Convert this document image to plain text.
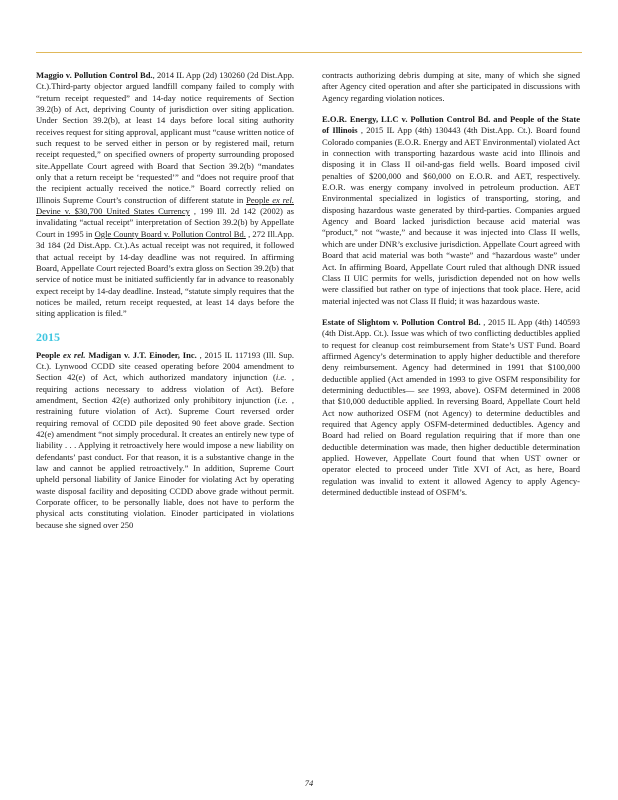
Maggio v. Pollution Control Bd., 2014 IL App (2d) 130260 (2d Dist.App. Ct.).Third-party objector argued landfill company failed to comply with “return receipt requested” and 14-day notice requirements of Section 39.2(b) of Act, depriving County of jurisdiction over siting application. Under Section 39.2(b), at least 14 days before local siting authority receives request for siting approval, applicant must “cause written notice of such request to be served either in person or by registered mail, return receipt requested,” on specified owners of property surrounding proposed site.Appellate Court agreed with Board that Section 39.2(b) “mandates only that a return receipt be ‘requested’” and “does not require proof that the recipient actually received the notice.” Board correctly relied on Illinois Supreme Court’s construction of different statute in People ex rel. Devine v. $30,700 United States Currency , 199 Ill. 2d 142 (2002) as invalidating “actual receipt” interpretation of Section 39.2(b) by Appellate Court in 1995 in Ogle County Board v. Pollution Control Bd. , 272 Ill.App. 3d 184 (2d Dist.App. Ct.).As actual receipt was not required, it followed that actual receipt by 14-day deadline was not required. In affirming Board, Appellate Court rejected Board’s extra gloss on Section 39.2(b) that service of notice must be initiated sufficiently far in advance to reasonably expect receipt by 14-day deadline. Instead, “statute simply requires that the notices be mailed, return receipt requested, at least 14 days before the siting application is filed.”

2015

People ex rel. Madigan v. J.T. Einoder, Inc. , 2015 IL 117193 (Ill. Sup. Ct.). Lynwood CCDD site ceased operating before 2004 amendment to Section 42(e) of Act, which authorized mandatory injunction (i.e. , requiring actions necessary to address violation of Act). Before amendment, Section 42(e) authorized only prohibitory injunction (i.e. , restraining future violation of Act). Supreme Court reversed order requiring removal of CCDD pile deposited 90 feet above grade. Section 42(e) amendment “not simply procedural. It creates an entirely new type of liability . . . Applying it retroactively here would impose a new liability on defendants’ past conduct. For that reason, it is a substantive change in the law and cannot be applied retroactively.” In addition, Supreme Court upheld personal liability of Janice Einoder for violating Act by operating waste disposal facility and depositing CCDD above grade without permit. Corporate officer, to be personally liable, does not have to perform the physical acts constituting violation. Einoder participated in violations because she signed over 250

contracts authorizing debris dumping at site, many of which she signed after Agency cited operation and after she participated in discussions with Agency regarding violation notices.

E.O.R. Energy, LLC v. Pollution Control Bd. and People of the State of Illinois , 2015 IL App (4th) 130443 (4th Dist.App. Ct.). Board found Colorado companies (E.O.R. Energy and AET Environmental) violated Act in connection with transporting hazardous waste acid into Illinois and disposing it in Class II oil-and-gas field wells. Board imposed civil penalties of $200,000 and $60,000 on E.O.R. and AET, respectively. E.O.R. was energy company involved in petroleum production. AET Environmental specialized in logistics of transporting, storing, and disposing hazardous waste generated by third-parties. Companies argued Agency and Board lacked jurisdiction because acid material was “product,” not “waste,” and because it was injected into Class II wells, which are under DNR’s exclusive jurisdiction. Appellate Court agreed with Board that acid material was both “waste” and “hazardous waste” under Act. In affirming Board, Appellate Court ruled that although DNR issued Class II UIC permits for wells, jurisdiction depended not on how wells were classified but rather on type of injections that took place. Here, acid material injected was not Class II fluid; it was hazardous waste.

Estate of Slightom v. Pollution Control Bd. , 2015 IL App (4th) 140593 (4th Dist.App. Ct.). Issue was which of two conflicting deductibles applied to request for cleanup cost reimbursement from State’s UST Fund. Board affirmed Agency’s determination to apply higher deductible and therefore deny reimbursement. Agency had determined in 1991 that $100,000 deductible applied (Act amended in 1993 to give OSFM responsibility for determining deductibles— see 1993, above). OSFM determined in 2008 that $10,000 deductible applied. In reversing Board, Appellate Court held Act now authorized OSFM (not Agency) to determine deductibles and required that Agency apply OSFM-determined deductibles. Agency and Board had relied on Board regulation requiring that if more than one deductible determination was made, then higher deductible determination applied. However, Appellate Court found that when UST owner or operator elected to proceed under Title XVI of Act, as here, Board regulation was invalid to extent it allowed Agency to apply Agency-determined deductible instead of OSFM’s.

74
